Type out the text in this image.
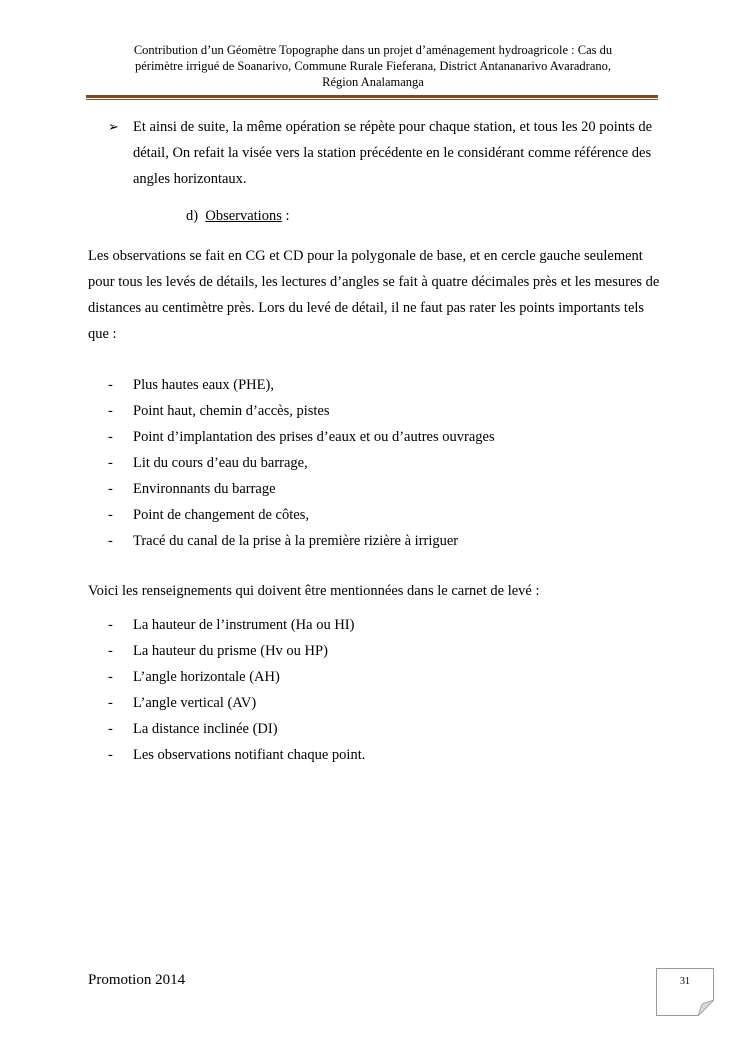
Contribution d’un Géomètre Topographe dans un projet d’aménagement hydroagricole : Cas du
périmètre irrigué de Soanarivo, Commune Rurale Fieferana, District Antananarivo Avaradrano,
Région Analamanga
➢ Et ainsi de suite, la même opération se répète pour chaque station, et tous les 20 points de détail, On refait la visée vers la station précédente en le considérant comme référence des angles horizontaux.
d) Observations :
Les observations se fait en CG et CD pour la polygonale de base, et en cercle gauche seulement pour tous les levés de détails, les lectures d’angles se fait à quatre décimales près et les mesures de distances au centimètre près. Lors du levé de détail, il ne faut pas rater les points importants tels que :
- Plus hautes eaux (PHE),
- Point haut, chemin d’accès, pistes
- Point d’implantation des prises d’eaux et ou d’autres ouvrages
- Lit du cours d’eau du barrage,
- Environnants du barrage
- Point de changement de côtes,
- Tracé du canal de la prise à la première rizière à irriguer
Voici les renseignements qui doivent être mentionnées dans le carnet de levé :
- La hauteur de l’instrument (Ha ou HI)
- La hauteur du prisme (Hv ou HP)
- L’angle horizontale (AH)
- L’angle vertical (AV)
- La distance inclinée (DI)
- Les observations notifiant chaque point.
Promotion 2014	31
